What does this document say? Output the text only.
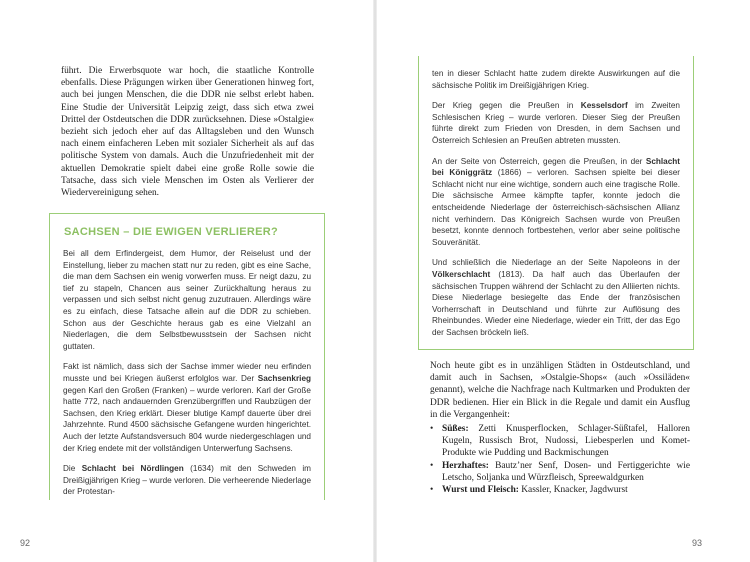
führt. Die Erwerbsquote war hoch, die staatliche Kontrolle ebenfalls. Diese Prägungen wirken über Generationen hinweg fort, auch bei jungen Menschen, die die DDR nie selbst erlebt haben. Eine Studie der Universität Leipzig zeigt, dass sich etwa zwei Drittel der Ostdeutschen die DDR zurücksehnen. Diese »Ostalgie« bezieht sich jedoch eher auf das Alltagsleben und den Wunsch nach einem einfacheren Leben mit sozialer Sicherheit als auf das politische System von damals. Auch die Unzufriedenheit mit der aktuellen Demokratie spielt dabei eine große Rolle sowie die Tatsache, dass sich viele Menschen im Osten als Verlierer der Wiedervereinigung sehen.

SACHSEN – DIE EWIGEN VERLIERER?

Bei all dem Erfindergeist, dem Humor, der Reiselust und der Einstellung, lieber zu machen statt nur zu reden, gibt es eine Sache, die man dem Sachsen ein wenig vorwerfen muss. Er neigt dazu, zu tief zu stapeln, Chancen aus seiner Zurückhaltung heraus zu verpassen und sich selbst nicht genug zuzutrauen. Allerdings wäre es zu einfach, diese Tatsache allein auf die DDR zu schieben. Schon aus der Geschichte heraus gab es eine Vielzahl an Niederlagen, die dem Selbstbewusstsein der Sachsen nicht guttaten.

Fakt ist nämlich, dass sich der Sachse immer wieder neu erfinden musste und bei Kriegen äußerst erfolglos war. Der Sachsenkrieg gegen Karl den Großen (Franken) – wurde verloren. Karl der Große hatte 772, nach andauernden Grenzübergriffen und Raubzügen der Sachsen, den Krieg erklärt. Dieser blutige Kampf dauerte über drei Jahrzehnte. Rund 4500 sächsische Gefangene wurden hingerichtet. Auch der letzte Aufstandsversuch 804 wurde niedergeschlagen und der Krieg endete mit der vollständigen Unterwerfung Sachsens.

Die Schlacht bei Nördlingen (1634) mit den Schweden im Dreißigjährigen Krieg – wurde verloren. Die verheerende Niederlage der Protestan-

92

ten in dieser Schlacht hatte zudem direkte Auswirkungen auf die sächsische Politik im Dreißigjährigen Krieg.

Der Krieg gegen die Preußen in Kesselsdorf im Zweiten Schlesischen Krieg – wurde verloren. Dieser Sieg der Preußen führte direkt zum Frieden von Dresden, in dem Sachsen und Österreich Schlesien an Preußen abtreten mussten.

An der Seite von Österreich, gegen die Preußen, in der Schlacht bei Königgrätz (1866) – verloren. Sachsen spielte bei dieser Schlacht nicht nur eine wichtige, sondern auch eine tragische Rolle. Die sächsische Armee kämpfte tapfer, konnte jedoch die entscheidende Niederlage der österreichisch-sächsischen Allianz nicht verhindern. Das Königreich Sachsen wurde von Preußen besetzt, konnte dennoch fortbestehen, verlor aber seine politische Souveränität.

Und schließlich die Niederlage an der Seite Napoleons in der Völkerschlacht (1813). Da half auch das Überlaufen der sächsischen Truppen während der Schlacht zu den Alliierten nichts. Diese Niederlage besiegelte das Ende der französischen Vorherrschaft in Deutschland und führte zur Auflösung des Rheinbundes. Wieder eine Niederlage, wieder ein Tritt, der das Ego der Sachsen bröckeln ließ.

Noch heute gibt es in unzähligen Städten in Ostdeutschland, und damit auch in Sachsen, »Ostalgie-Shops« (auch »Ossiläden« genannt), welche die Nachfrage nach Kultmarken und Produkten der DDR bedienen. Hier ein Blick in die Regale und damit ein Ausflug in die Vergangenheit:

• Süßes: Zetti Knusperflocken, Schlager-Süßtafel, Halloren Kugeln, Russisch Brot, Nudossi, Liebesperlen und Komet-Produkte wie Pudding und Backmischungen
• Herzhaftes: Bautz’ner Senf, Dosen- und Fertiggerichte wie Letscho, Soljanka und Würzfleisch, Spreewaldgurken
• Wurst und Fleisch: Kassler, Knacker, Jagdwurst
93
